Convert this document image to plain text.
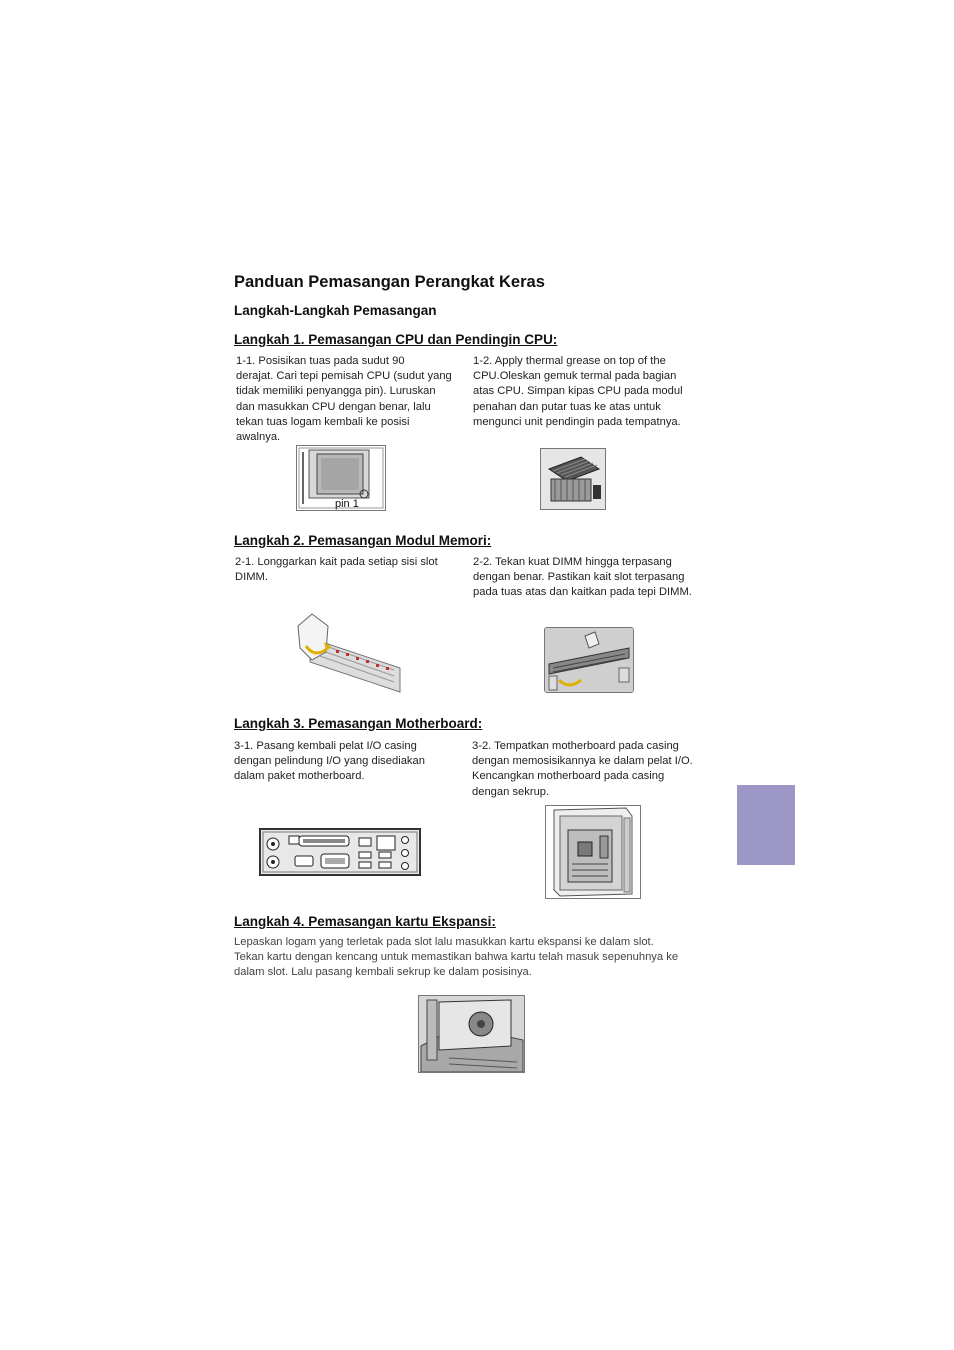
Panduan Pemasangan Perangkat Keras
Langkah-Langkah Pemasangan
Langkah 1. Pemasangan CPU dan Pendingin CPU:
1-1. Posisikan tuas pada sudut 90
derajat. Cari tepi pemisah CPU (sudut yang
tidak memiliki penyangga pin). Luruskan
dan masukkan CPU dengan benar, lalu
tekan tuas logam kembali ke posisi
awalnya.
1-2. Apply thermal grease on top of the
CPU.Oleskan gemuk termal pada bagian
atas CPU. Simpan kipas CPU pada modul
penahan dan putar tuas ke atas untuk
mengunci unit pendingin pada tempatnya.
pin 1
Langkah 2. Pemasangan Modul Memori:
2-1. Longgarkan kait pada setiap sisi slot
DIMM.
2-2. Tekan kuat DIMM hingga terpasang
dengan benar. Pastikan kait slot terpasang
pada tuas atas dan kaitkan pada tepi DIMM.
Langkah 3. Pemasangan Motherboard:
3-1. Pasang kembali pelat I/O casing
dengan pelindung I/O yang disediakan
dalam paket motherboard.
3-2. Tempatkan motherboard pada casing
dengan memosisikannya ke dalam pelat I/O.
Kencangkan motherboard pada casing
dengan sekrup.
Langkah 4. Pemasangan kartu Ekspansi:
Lepaskan logam yang terletak pada slot lalu masukkan kartu ekspansi ke dalam slot.
Tekan kartu dengan kencang untuk memastikan bahwa kartu telah masuk sepenuhnya ke
dalam slot. Lalu pasang kembali sekrup ke dalam posisinya.
